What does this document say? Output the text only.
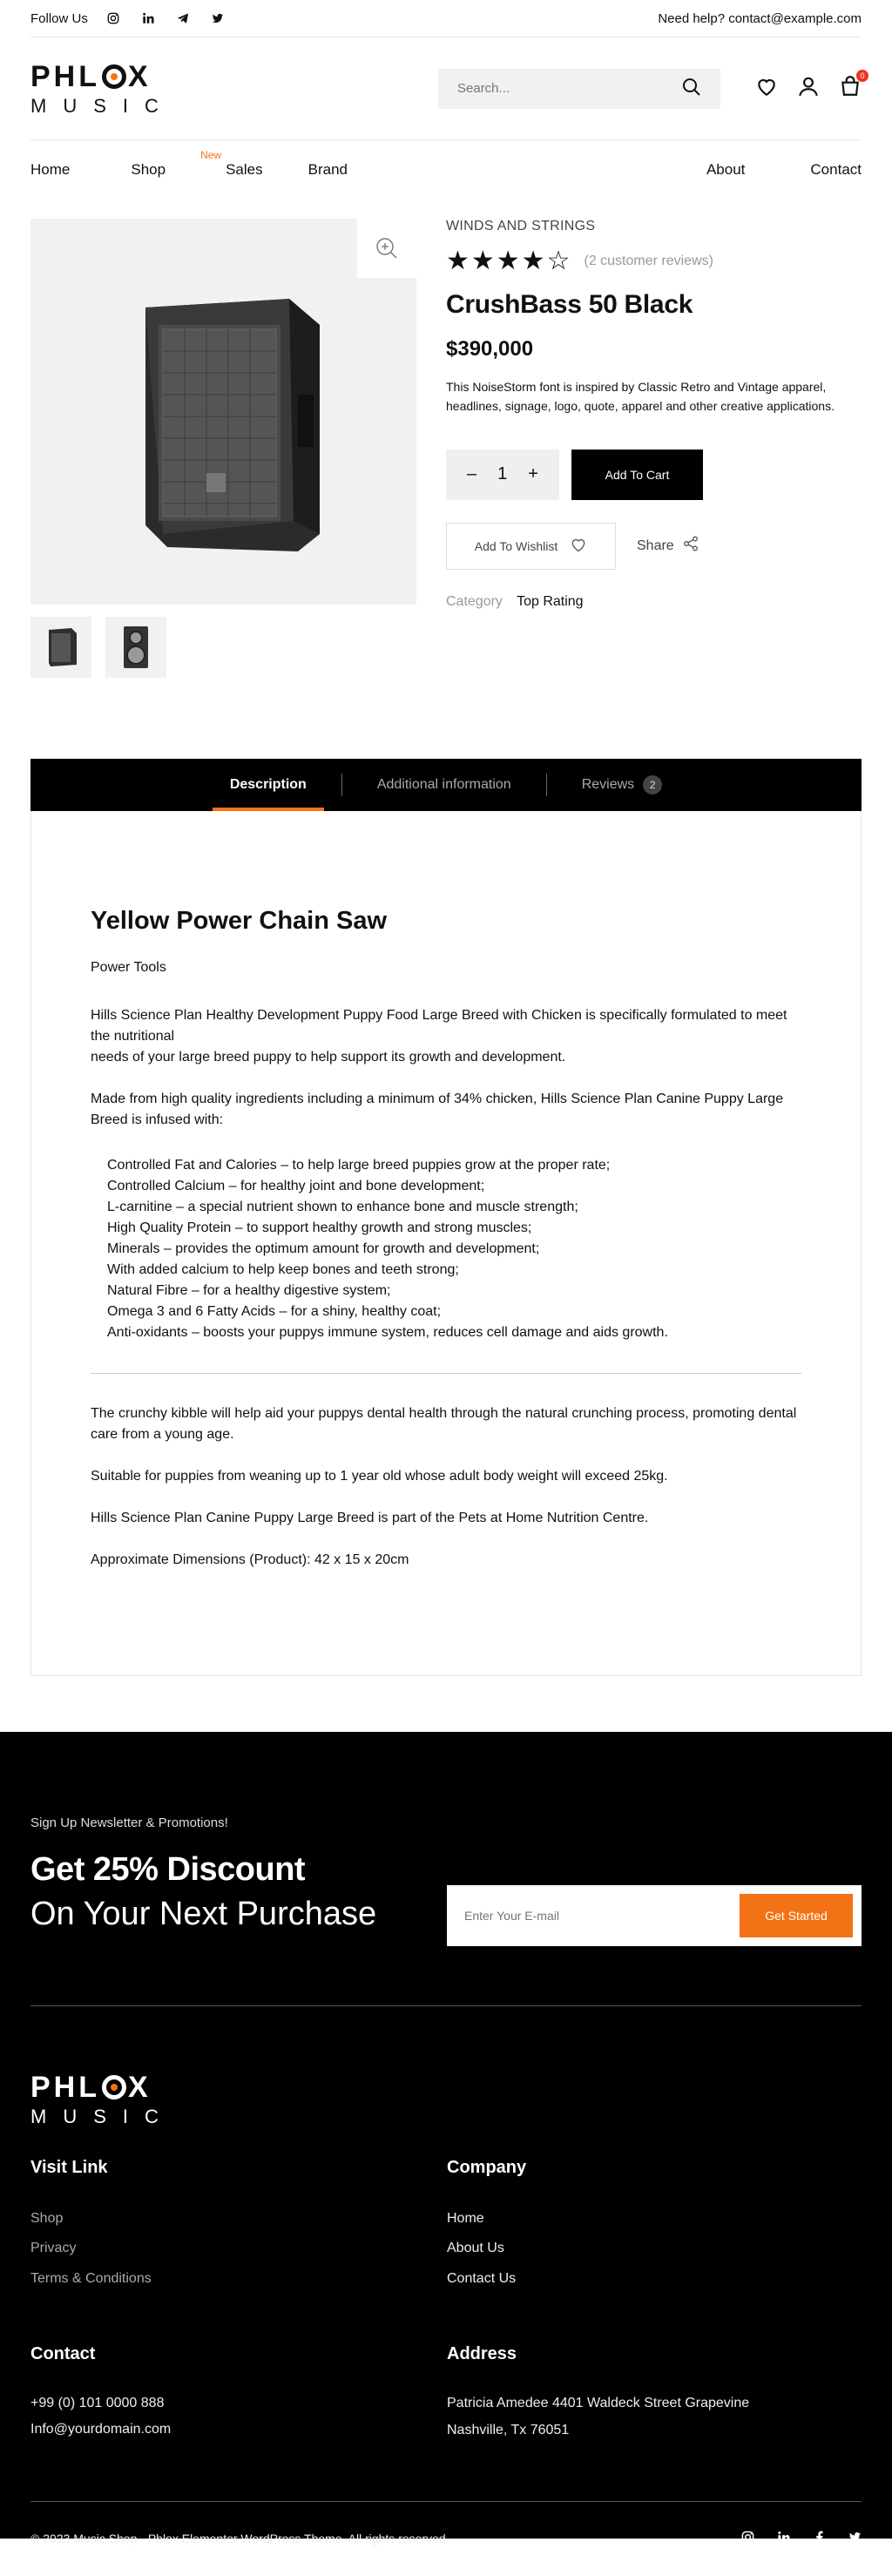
Follow Us	Need help? contact@example.com
PHL X
MUSIC
Search...
0
Home	Shop$^{New}$
Sales	Brand	About	Contact
WINDS AND STRINGS
★★★★☆ (2 customer reviews)
CrushBass 50 Black
$390,000
This NoiseStorm font is inspired by Classic Retro and Vintage apparel, headlines, signage, logo, quote, apparel and other creative applications.
– 1 +	Add To Cart
Add To Wishlist	Share
Category Top Rating
Description	Additional information	Reviews	2
Yellow Power Chain Saw
Power Tools

Hills Science Plan Healthy Development Puppy Food Large Breed with Chicken is specifically formulated to meet the nutritional
needs of your large breed puppy to help support its growth and development.

Made from high quality ingredients including a minimum of 34% chicken, Hills Science Plan Canine Puppy Large Breed is infused with:

Controlled Fat and Calories – to help large breed puppies grow at the proper rate;
Controlled Calcium – for healthy joint and bone development;
L-carnitine – a special nutrient shown to enhance bone and muscle strength;
High Quality Protein – to support healthy growth and strong muscles;
Minerals – provides the optimum amount for growth and development;
With added calcium to help keep bones and teeth strong;
Natural Fibre – for a healthy digestive system;
Omega 3 and 6 Fatty Acids – for a shiny, healthy coat;
Anti-oxidants – boosts your puppys immune system, reduces cell damage and aids growth.

The crunchy kibble will help aid your puppys dental health through the natural crunching process, promoting dental care from a young age.

Suitable for puppies from weaning up to 1 year old whose adult body weight will exceed 25kg.

Hills Science Plan Canine Puppy Large Breed is part of the Pets at Home Nutrition Centre.

Approximate Dimensions (Product): 42 x 15 x 20cm

Sign Up Newsletter & Promotions!
Get 25% Discount
On Your Next Purchase
Enter Your E-mail	Get Started
PHL X
MUSIC
Visit Link
Shop
Privacy
Terms & Conditions
Company
Home
About Us
Contact Us
Contact
+99 (0) 101 0000 888
Info@yourdomain.com
Address
Patricia Amedee 4401 Waldeck Street Grapevine
Nashville, Tx 76051
© 2023 Music Shop - Phlox Elementor WordPress Theme. All rights reserved.
